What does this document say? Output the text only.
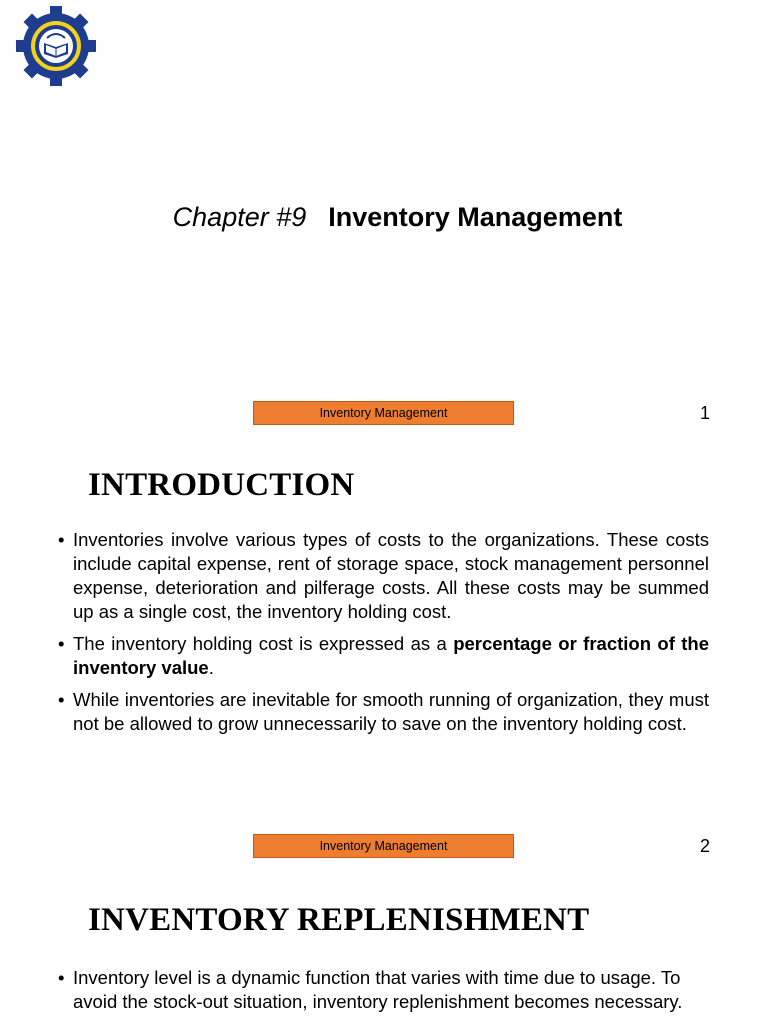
Chapter #9 Inventory Management
Inventory Management	1
INTRODUCTION
• Inventories involve various types of costs to the organizations. These costs include capital expense, rent of storage space, stock management personnel expense, deterioration and pilferage costs. All these costs may be summed up as a single cost, the inventory holding cost.
• The inventory holding cost is expressed as a percentage or fraction of the inventory value.
• While inventories are inevitable for smooth running of organization, they must not be allowed to grow unnecessarily to save on the inventory holding cost.
Inventory Management	2
INVENTORY REPLENISHMENT
• Inventory level is a dynamic function that varies with time due to usage. To avoid the stock-out situation, inventory replenishment becomes necessary.
